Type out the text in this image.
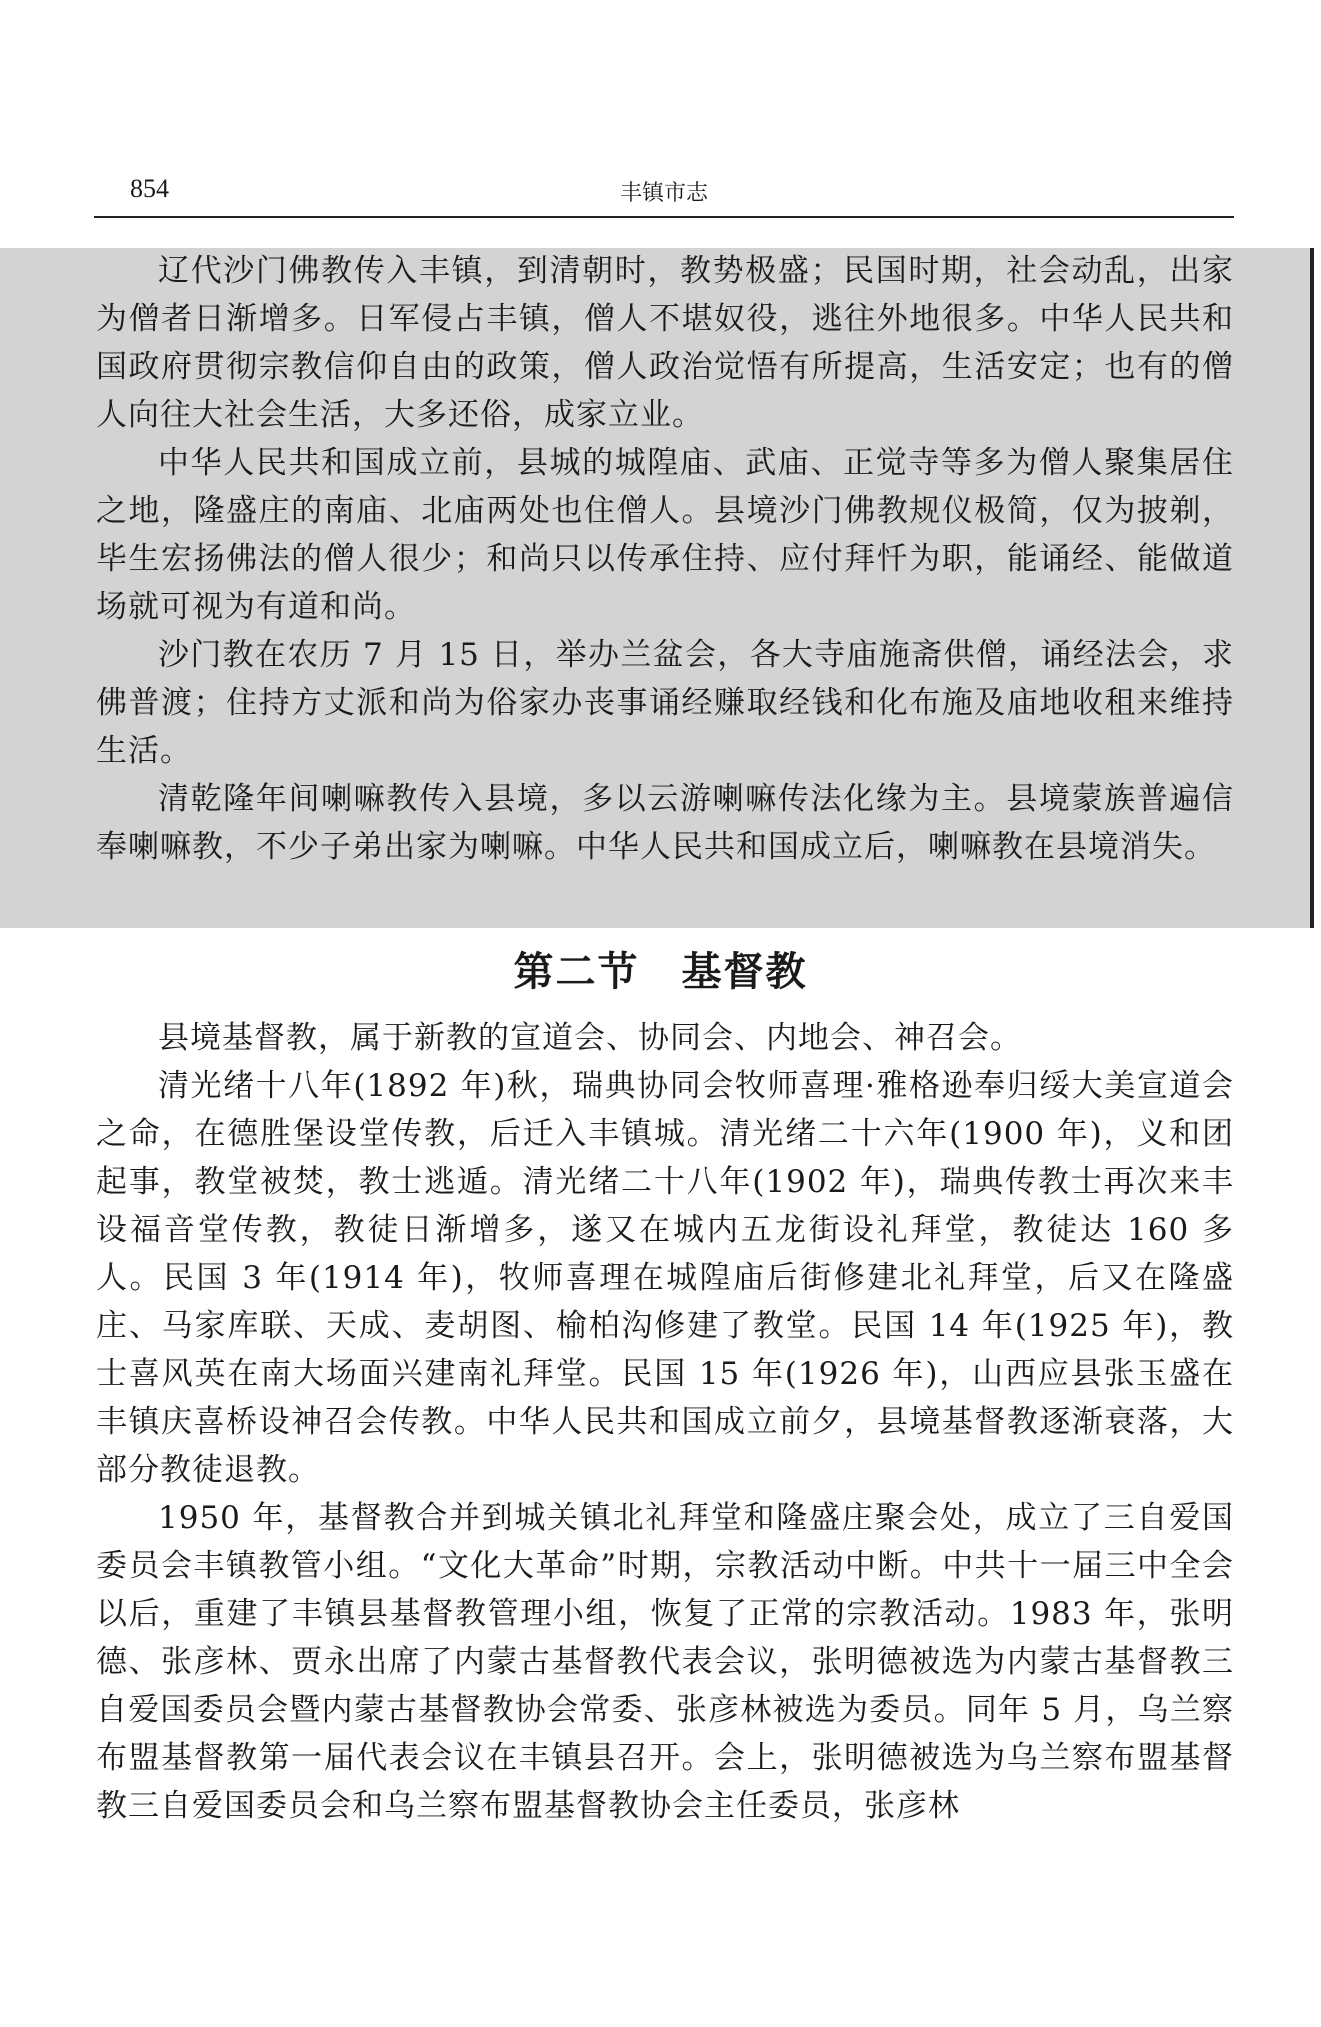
854	丰镇市志

辽代沙门佛教传入丰镇，到清朝时，教势极盛；民国时期，社会动乱，出家为僧者日渐增多。日军侵占丰镇，僧人不堪奴役，逃往外地很多。中华人民共和国政府贯彻宗教信仰自由的政策，僧人政治觉悟有所提高，生活安定；也有的僧人向往大社会生活，大多还俗，成家立业。

中华人民共和国成立前，县城的城隍庙、武庙、正觉寺等多为僧人聚集居住之地，隆盛庄的南庙、北庙两处也住僧人。县境沙门佛教规仪极简，仅为披剃，毕生宏扬佛法的僧人很少；和尚只以传承住持、应付拜忏为职，能诵经、能做道场就可视为有道和尚。

沙门教在农历 7 月 15 日，举办兰盆会，各大寺庙施斋供僧，诵经法会，求佛普渡；住持方丈派和尚为俗家办丧事诵经赚取经钱和化布施及庙地收租来维持生活。

清乾隆年间喇嘛教传入县境，多以云游喇嘛传法化缘为主。县境蒙族普遍信奉喇嘛教，不少子弟出家为喇嘛。中华人民共和国成立后，喇嘛教在县境消失。

第二节　基督教

县境基督教，属于新教的宣道会、协同会、内地会、神召会。

清光绪十八年(1892 年)秋，瑞典协同会牧师喜理·雅格逊奉归绥大美宣道会之命，在德胜堡设堂传教，后迁入丰镇城。清光绪二十六年(1900 年)，义和团起事，教堂被焚，教士逃遁。清光绪二十八年(1902 年)，瑞典传教士再次来丰设福音堂传教，教徒日渐增多，遂又在城内五龙街设礼拜堂，教徒达 160 多人。民国 3 年(1914 年)，牧师喜理在城隍庙后街修建北礼拜堂，后又在隆盛庄、马家库联、天成、麦胡图、榆柏沟修建了教堂。民国 14 年(1925 年)，教士喜风英在南大场面兴建南礼拜堂。民国 15 年(1926 年)，山西应县张玉盛在丰镇庆喜桥设神召会传教。中华人民共和国成立前夕，县境基督教逐渐衰落，大部分教徒退教。

1950 年，基督教合并到城关镇北礼拜堂和隆盛庄聚会处，成立了三自爱国委员会丰镇教管小组。“文化大革命”时期，宗教活动中断。中共十一届三中全会以后，重建了丰镇县基督教管理小组，恢复了正常的宗教活动。1983 年，张明德、张彦林、贾永出席了内蒙古基督教代表会议，张明德被选为内蒙古基督教三自爱国委员会暨内蒙古基督教协会常委、张彦林被选为委员。同年 5 月，乌兰察布盟基督教第一届代表会议在丰镇县召开。会上，张明德被选为乌兰察布盟基督教三自爱国委员会和乌兰察布盟基督教协会主任委员，张彦林
